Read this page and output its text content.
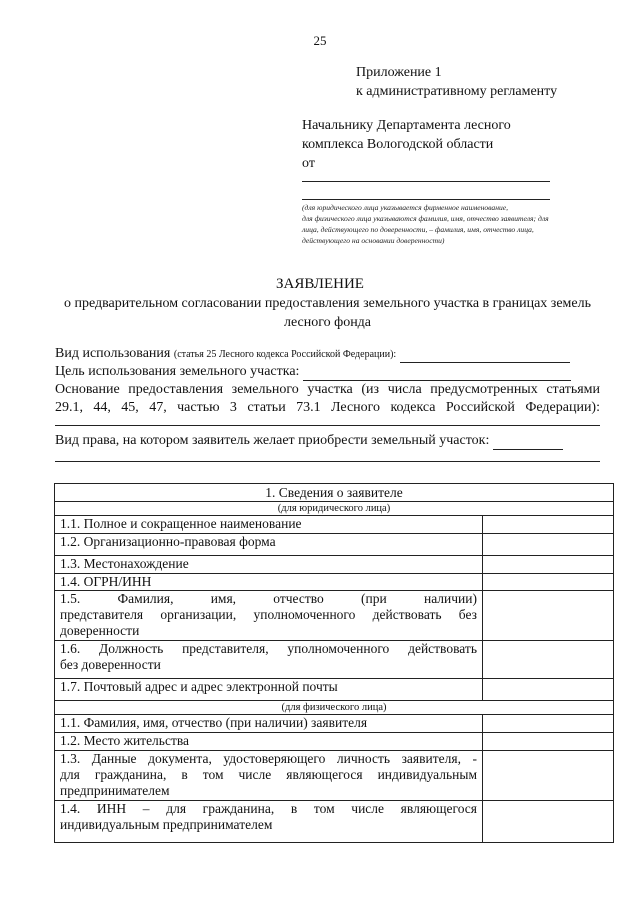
25
Приложение 1
к административному регламенту
Начальнику Департамента лесного
комплекса Вологодской области
от
(для юридического лица указывается фирменное наименование,
для физического лица указываются фамилия, имя, отчество заявителя; для
лица, действующего по доверенности, – фамилия, имя, отчество лица,
действующего на основании доверенности)
ЗАЯВЛЕНИЕ
о предварительном согласовании предоставления земельного участка в границах земель лесного фонда
Вид использования (статья 25 Лесного кодекса Российской Федерации):
Цель использования земельного участка:
Основание предоставления земельного участка (из числа предусмотренных статьями
29.1, 44, 45, 47, частью 3 статьи 73.1 Лесного кодекса Российской Федерации):
Вид права, на котором заявитель желает приобрести земельный участок:
1. Сведения о заявителе	
(для юридического лица)	
1.1. Полное и сокращенное наименование	
1.2. Организационно-правовая форма	
1.3. Местонахождение	
1.4. ОГРН/ИНН	

1.5. Фамилия, имя, отчество (при наличии)
представителя организации, уполномоченного действовать без доверенности	

1.6. Должность представителя, уполномоченного действовать
без доверенности	

1.7. Почтовый адрес и адрес электронной почты	
(для физического лица)	
1.1. Фамилия, имя, отчество (при наличии) заявителя	
1.2. Место жительства	

1.3. Данные документа, удостоверяющего личность заявителя, -
для гражданина, в том числе являющегося индивидуальным предпринимателем	

1.4. ИНН – для гражданина, в том числе являющегося
индивидуальным предпринимателем	
